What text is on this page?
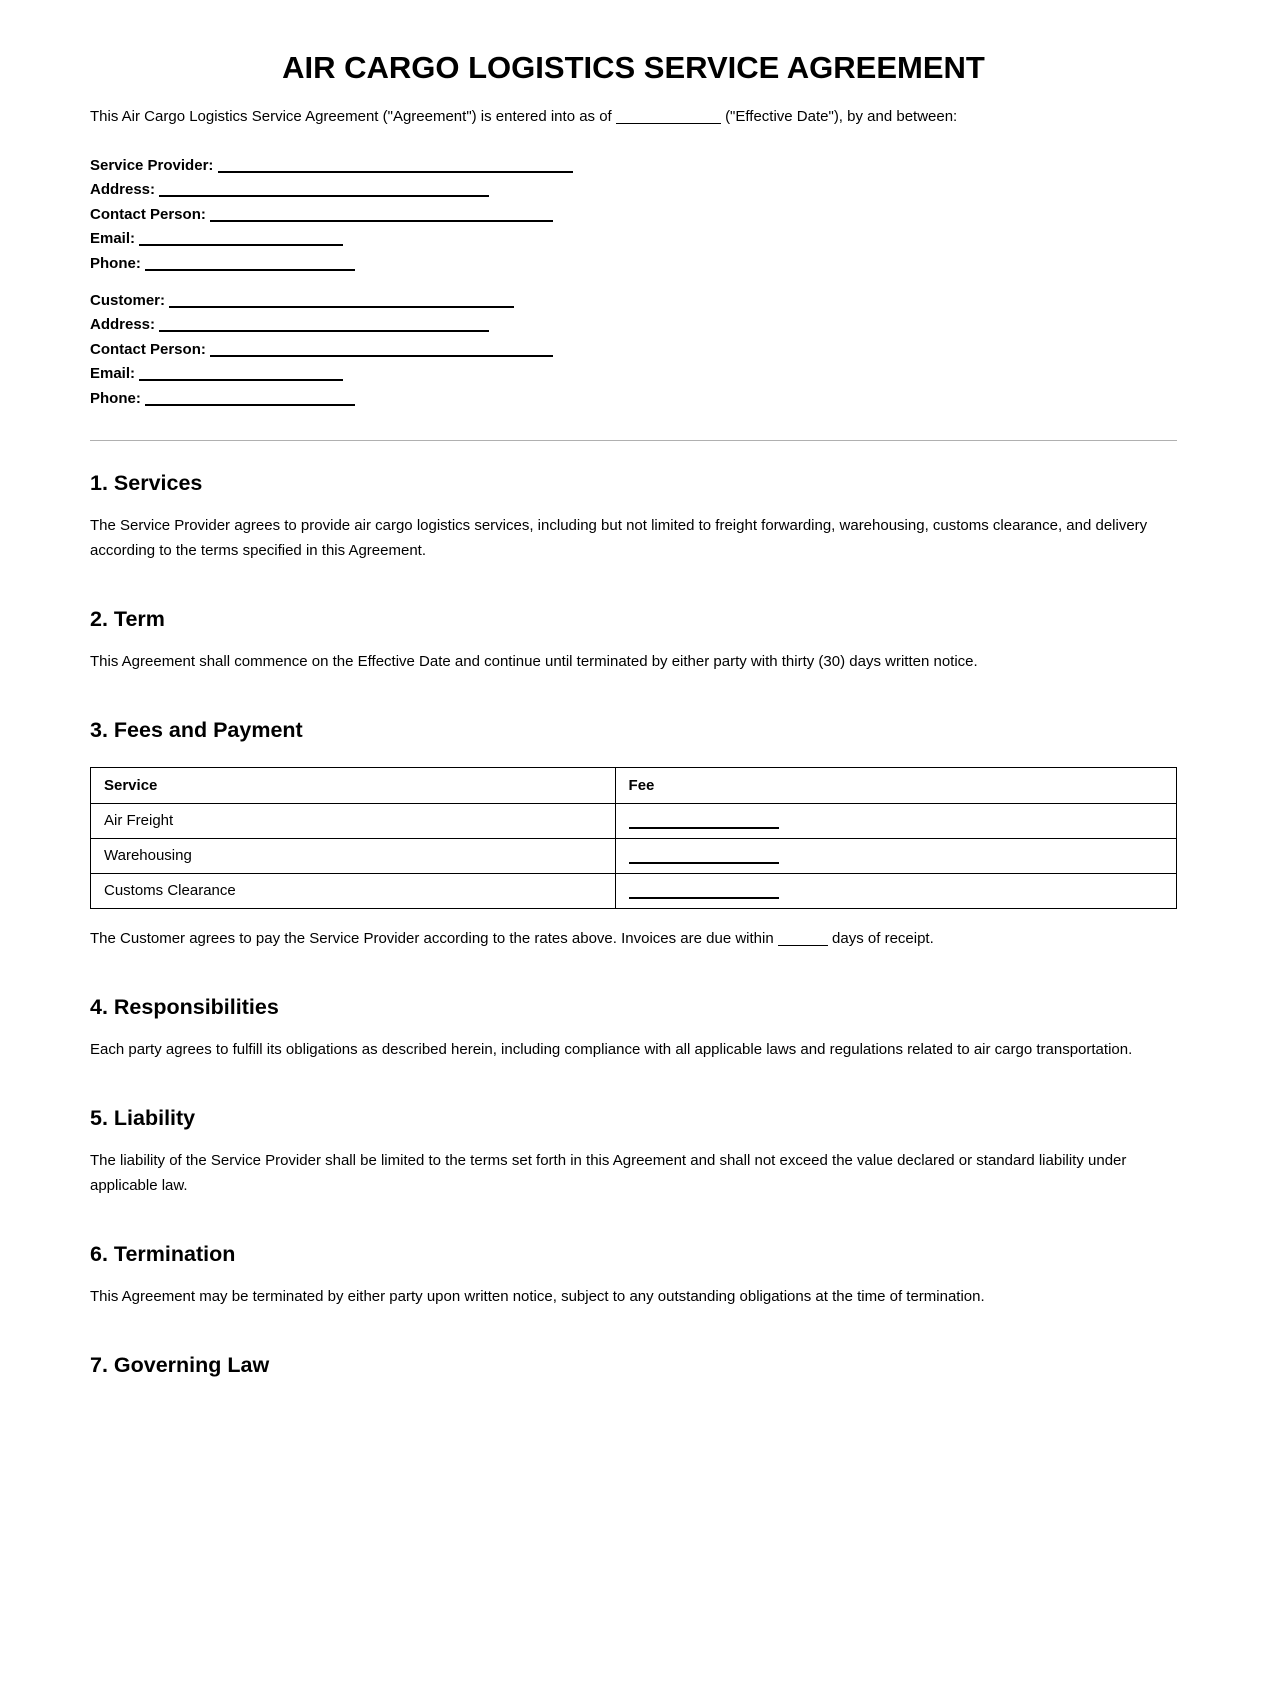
AIR CARGO LOGISTICS SERVICE AGREEMENT

This Air Cargo Logistics Service Agreement ("Agreement") is entered into as of	("Effective Date"), by and between:

Service Provider:
Address:
Contact Person:
Email:
Phone:
Customer:
Address:
Contact Person:
Email:
Phone:
1. Services

The Service Provider agrees to provide air cargo logistics services, including but not limited to freight forwarding, warehousing, customs clearance, and delivery according to the terms specified in this Agreement.

2. Term

This Agreement shall commence on the Effective Date and continue until terminated by either party with thirty (30) days written notice.

3. Fees and Payment
Service	Fee
Air Freight	
Warehousing	
Customs Clearance	

The Customer agrees to pay the Service Provider according to the rates above. Invoices are due within	days of receipt.

4. Responsibilities

Each party agrees to fulfill its obligations as described herein, including compliance with all applicable laws and regulations related to air cargo transportation.

5. Liability

The liability of the Service Provider shall be limited to the terms set forth in this Agreement and shall not exceed the value declared or standard liability under applicable law.

6. Termination

This Agreement may be terminated by either party upon written notice, subject to any outstanding obligations at the time of termination.

7. Governing Law
